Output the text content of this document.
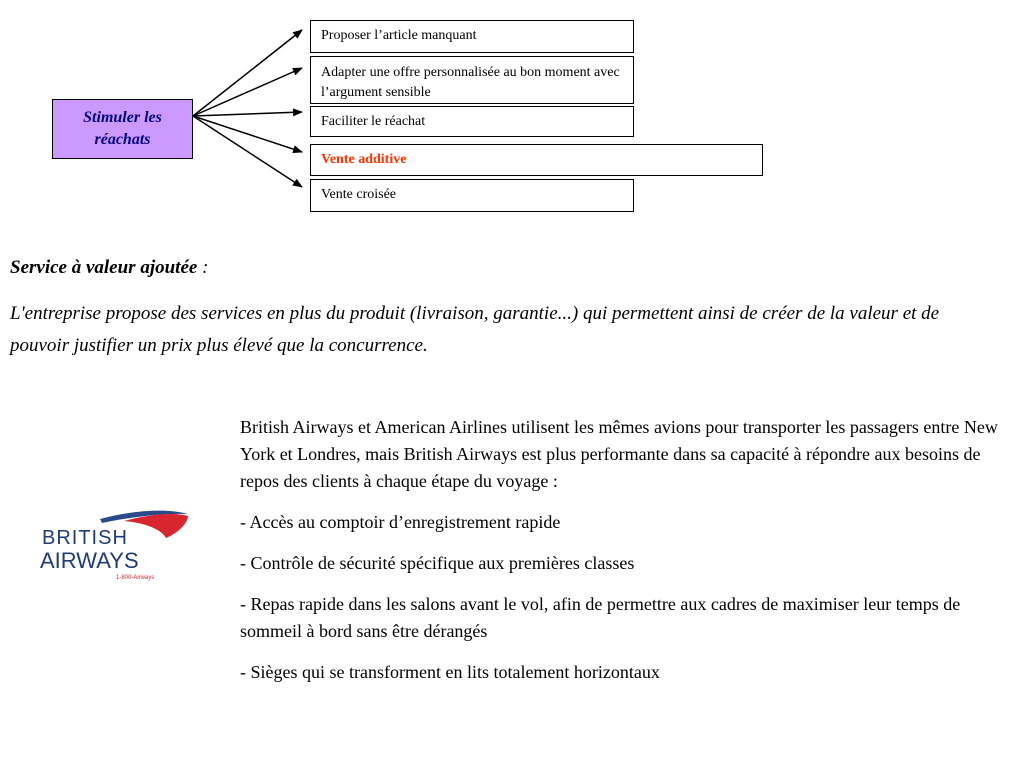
Stimuler les
réachats
Proposer l’article manquant
Adapter une offre personnalisée au bon moment avec l’argument sensible
Faciliter le réachat
Vente additive
Vente croisée
Service à valeur ajoutée :
L'entreprise propose des services en plus du produit (livraison, garantie...) qui permettent ainsi de créer de la valeur et de pouvoir justifier un prix plus élevé que la concurrence.
BRITISH
AIRWAYS
1-800-Airways

British Airways et American Airlines utilisent les mêmes avions pour transporter les passagers entre New York et Londres, mais British Airways est plus performante dans sa capacité à répondre aux besoins de repos des clients à chaque étape du voyage :

- Accès au comptoir d’enregistrement rapide

- Contrôle de sécurité spécifique aux premières classes

- Repas rapide dans les salons avant le vol, afin de permettre aux cadres de maximiser leur temps de sommeil à bord sans être dérangés

- Sièges qui se transforment en lits totalement horizontaux
